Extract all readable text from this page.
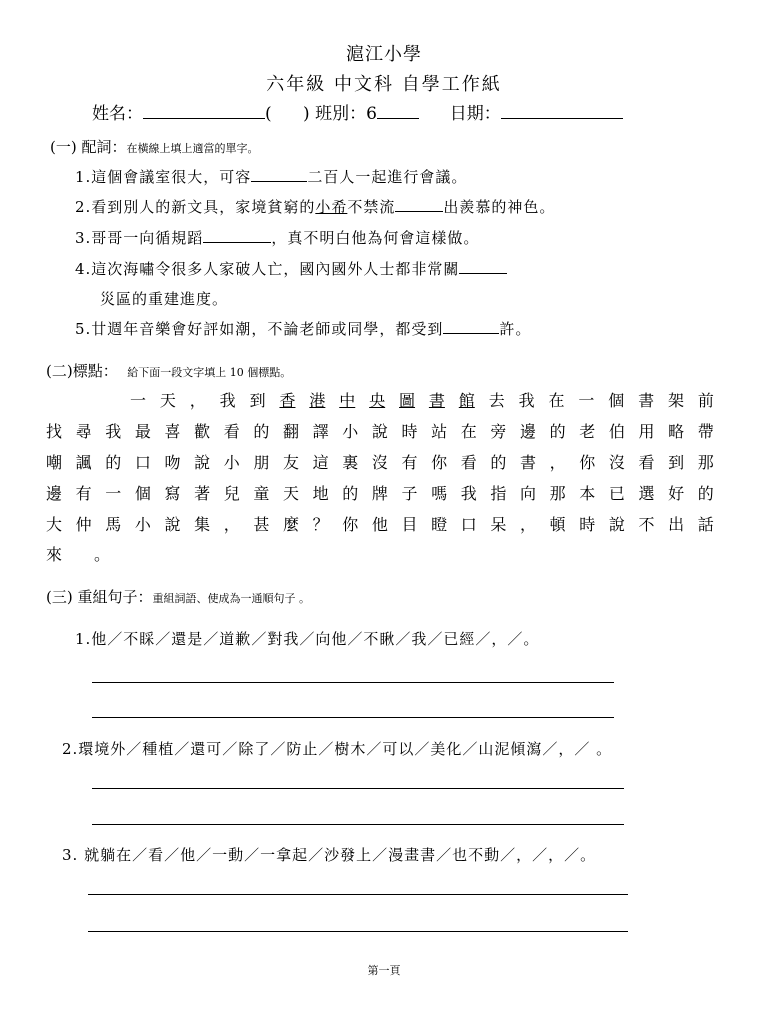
滬江小學
六年級 中文科 自學工作紙
姓名：	( ) 班別：6	日期：
(一) 配詞：在橫線上填上適當的單字。
1.這個會議室很大，可容	二百人一起進行會議。
2.看到別人的新文具，家境貧窮的小希不禁流	出羨慕的神色。
3.哥哥一向循規蹈	，真不明白他為何會這樣做。
4.這次海嘯令很多人家破人亡，國內國外人士都非常關
災區的重建進度。
5.廿週年音樂會好評如潮，不論老師或同學，都受到	許。
(二)標點： 給下面一段文字填上 10 個標點。
一 天 ， 我 到 香 港 中 央 圖 書 館 去 我 在 一 個 書 架 前
找 尋 我 最 喜 歡 看 的 翻 譯 小 說 時 站 在 旁 邊 的 老 伯 用 略 帶
嘲 諷 的 口 吻 說 小 朋 友 這 裏 沒 有 你 看 的 書 ， 你 沒 看 到 那
邊 有 一 個 寫 著 兒 童 天 地 的 牌 子 嗎 我 指 向 那 本 已 選 好 的
大 仲 馬 小 說 集 ， 甚 麼 ？ 你 他 目 瞪 口 呆 ， 頓 時 說 不 出 話
來 。
(三) 重組句子：重組詞語、使成為一通順句子 。
1.他／不睬／還是／道歉／對我／向他／不瞅／我／已經／，／。
2.環境外／種植／還可／除了／防止／樹木／可以／美化／山泥傾瀉／，／ 。
3. 就躺在／看／他／一動／一拿起／沙發上／漫畫書／也不動／，／，／。
第一頁
